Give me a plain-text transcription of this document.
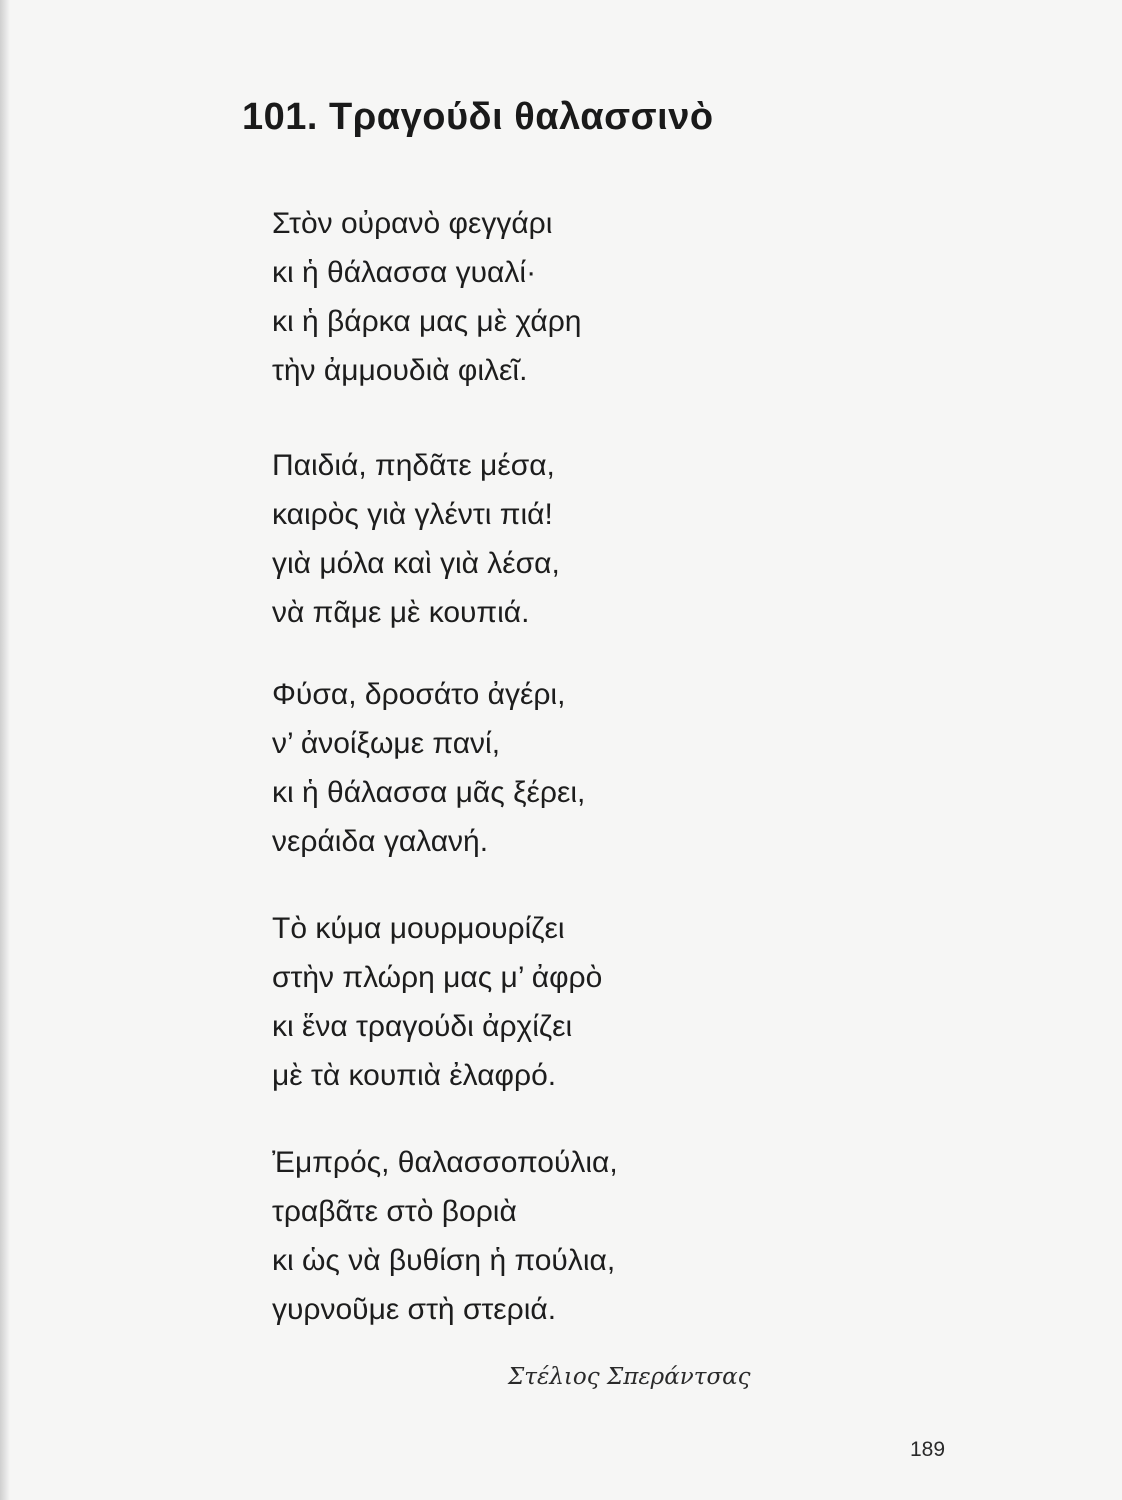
101. Τραγούδι θαλασσινὸ
Στὸν οὐρανὸ φεγγάρι
κι ἡ θάλασσα γυαλί·
κι ἡ βάρκα μας μὲ χάρη
τὴν ἀμμουδιὰ φιλεῖ.
Παιδιά, πηδᾶτε μέσα,
καιρὸς γιὰ γλέντι πιά!
γιὰ μόλα καὶ γιὰ λέσα,
νὰ πᾶμε μὲ κουπιά.
Φύσα, δροσάτο ἀγέρι,
ν’ ἀνοίξωμε πανί,
κι ἡ θάλασσα μᾶς ξέρει,
νεράιδα γαλανή.
Τὸ κύμα μουρμουρίζει
στὴν πλώρη μας μ’ ἀφρὸ
κι ἕνα τραγούδι ἀρχίζει
μὲ τὰ κουπιὰ ἐλαφρό.
Ἐμπρός, θαλασσοπούλια,
τραβᾶτε στὸ βοριὰ
κι ὡς νὰ βυθίση ἡ πούλια,
γυρνοῦμε στὴ στεριά.

Στέλιος Σπεράντσας

189
